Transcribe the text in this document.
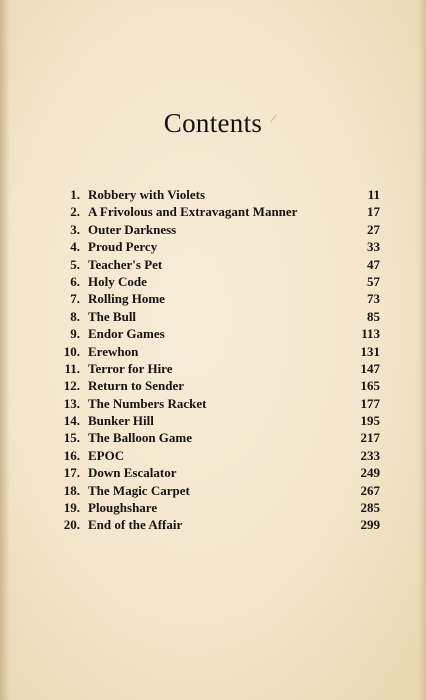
Contents /
1. Robbery with Violets	11
2. A Frivolous and Extravagant Manner	17
3. Outer Darkness	27
4. Proud Percy	33
5. Teacher's Pet	47
6. Holy Code	57
7. Rolling Home	73
8. The Bull	85
9. Endor Games	113
10. Erewhon	131
11. Terror for Hire	147
12. Return to Sender	165
13. The Numbers Racket	177
14. Bunker Hill	195
15. The Balloon Game	217
16. EPOC	233
17. Down Escalator	249
18. The Magic Carpet	267
19. Ploughshare	285
20. End of the Affair	299
